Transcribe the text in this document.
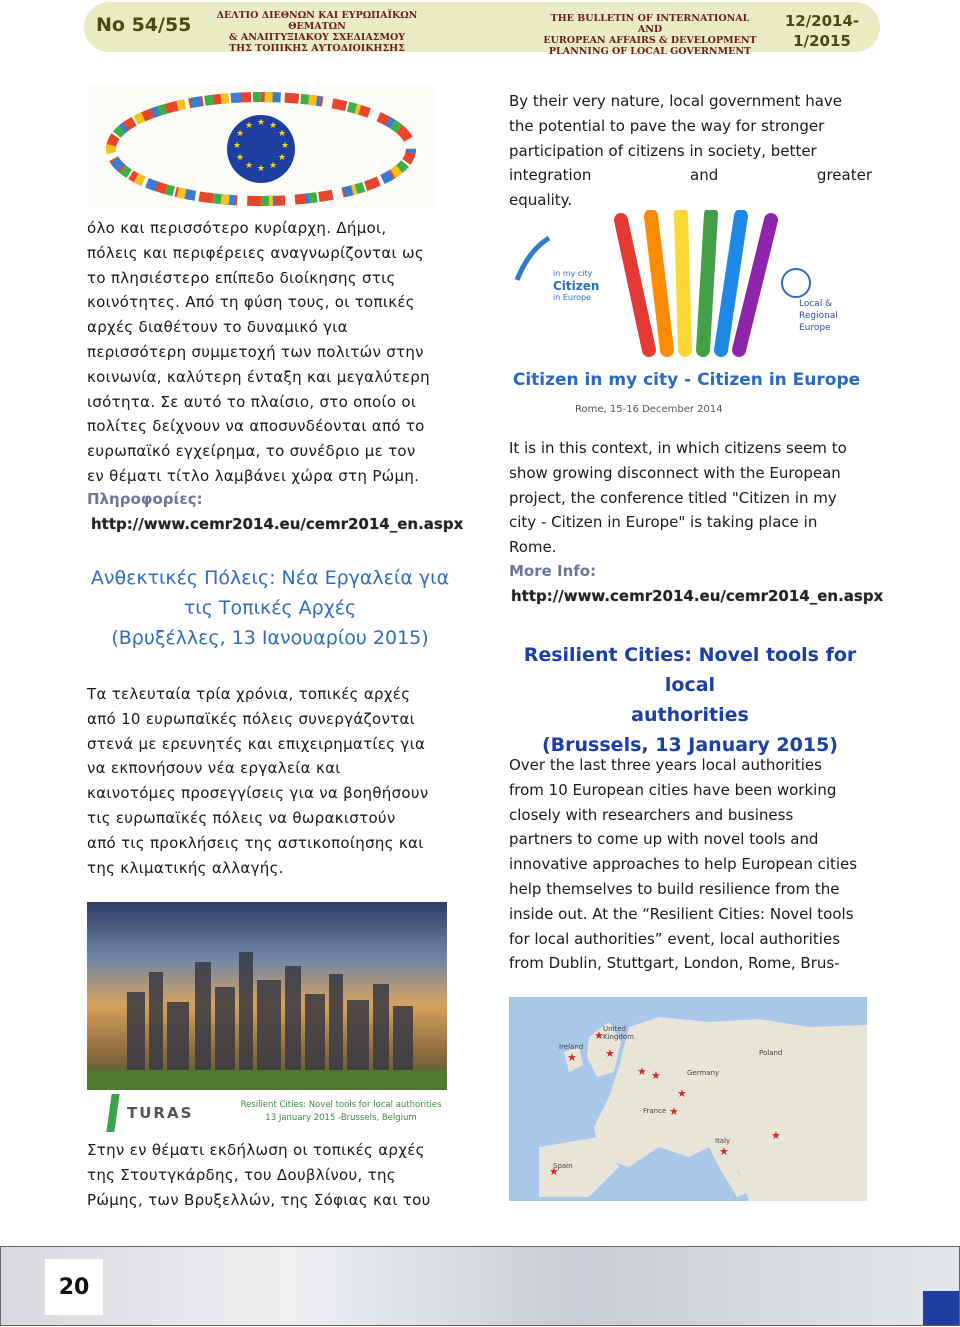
No 54/55	ΔΕΛΤΙΟ ΔΙΕΘΝΩΝ ΚΑΙ ΕΥΡΩΠΑΪΚΩΝ ΘΕΜΑΤΩΝ
& ΑΝΑΠΤΥΞΙΑΚΟΥ ΣΧΕΔΙΑΣΜΟΥ
ΤΗΣ ΤΟΠΙΚΗΣ ΑΥΤΟΔΙΟΙΚΗΣΗΣ
THE BULLETIN OF INTERNATIONAL AND
EUROPEAN AFFAIRS & DEVELOPMENT
PLANNING OF LOCAL GOVERNMENT
12/2014-
1/2015
★ ★
★
★
★
★
★
★
★
★
★
★

όλο και περισσότερο κυρίαρχη. Δήμοι,
πόλεις και περιφέρειες αναγνωρίζονται ως
το πλησιέστερο επίπεδο διοίκησης στις
κοινότητες. Από τη φύση τους, οι τοπικές
αρχές διαθέτουν το δυναμικό για
περισσότερη συμμετοχή των πολιτών στην
κοινωνία, καλύτερη ένταξη και μεγαλύτερη
ισότητα. Σε αυτό το πλαίσιο, στο οποίο οι
πολίτες δείχνουν να αποσυνδέονται από το
ευρωπαϊκό εγχείρημα, το συνέδριο με τον
εν θέματι τίτλο λαμβάνει χώρα στη Ρώμη.

Πληροφορίες:
http://www.cemr2014.eu/cemr2014_en.aspx
Ανθεκτικές Πόλεις: Νέα Εργαλεία για
τις Τοπικές Αρχές
(Βρυξέλλες, 13 Ιανουαρίου 2015)

Τα τελευταία τρία χρόνια, τοπικές αρχές
από 10 ευρωπαϊκές πόλεις συνεργάζονται
στενά με ερευνητές και επιχειρηματίες για
να εκπονήσουν νέα εργαλεία και
καινοτόμες προσεγγίσεις για να βοηθήσουν
τις ευρωπαϊκές πόλεις να θωρακιστούν
από τις προκλήσεις της αστικοποίησης και
της κλιματικής αλλαγής.

TURAS	Resilient Cities: Novel tools for local authorities
13 January 2015 -Brussels, Belgium

Στην εν θέματι εκδήλωση οι τοπικές αρχές
της Στουτγκάρδης, του Δουβλίνου, της
Ρώμης, των Βρυξελλών, της Σόφιας και του

By their very nature, local government have
the potential to pave the way for stronger
participation of citizens in society, better
integration and greater
equality.

in my city
Citizen
in Europe
Local & Regional
Europe
Citizen in my city - Citizen in Europe
Rome, 15-16 December 2014

It is in this context, in which citizens seem to
show growing disconnect with the European
project, the conference titled "Citizen in my
city - Citizen in Europe" is taking place in
Rome.

More Info:
http://www.cemr2014.eu/cemr2014_en.aspx
Resilient Cities: Novel tools for local
authorities
(Brussels, 13 January 2015)

Over the last three years local authorities
from 10 European cities have been working
closely with researchers and business
partners to come up with novel tools and
innovative approaches to help European cities
help themselves to build resilience from the
inside out. At the “Resilient Cities: Novel tools
for local authorities” event, local authorities
from Dublin, Stuttgart, London, Rome, Brus-

★
★	★
★ ★
★
★
★
★
★
United Kingdom
Poland
Germany
France
Italy
Spain
Ireland
20
